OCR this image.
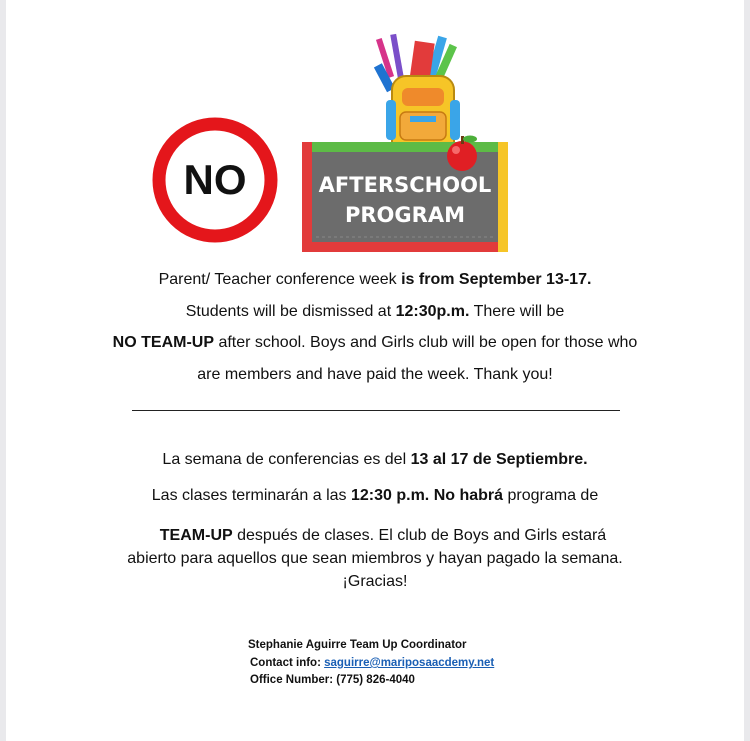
NO	AFTERSCHOOL
PROGRAM
Parent/ Teacher conference week is from September 13-17.
Students will be dismissed at 12:30p.m. There will be
NO TEAM-UP after school. Boys and Girls club will be open for those who
are members and have paid the week. Thank you!
La semana de conferencias es del 13 al 17 de Septiembre.
Las clases terminarán a las 12:30 p.m. No habrá programa de
TEAM-UP después de clases. El club de Boys and Girls estará
abierto para aquellos que sean miembros y hayan pagado la semana.
¡Gracias!
Stephanie Aguirre Team Up Coordinator
Contact info: saguirre@mariposaacdemy.net
Office Number: (775) 826-4040
